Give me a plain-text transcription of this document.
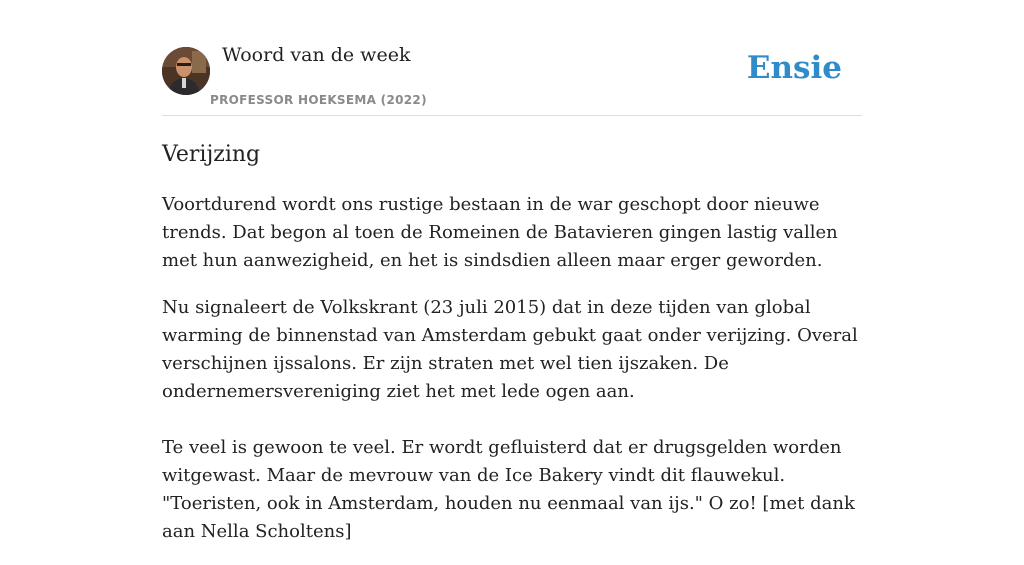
Woord van de week
PROFESSOR HOEKSEMA (2022)
Ensie
Verijzing

Voortdurend wordt ons rustige bestaan in de war geschopt door nieuwe trends. Dat begon al toen de Romeinen de Batavieren gingen lastig vallen met hun aanwezigheid, en het is sindsdien alleen maar erger geworden.

Nu signaleert de Volkskrant (23 juli 2015) dat in deze tijden van global warming de binnenstad van Amsterdam gebukt gaat onder verijzing. Overal verschijnen ijssalons. Er zijn straten met wel tien ijszaken. De ondernemersvereniging ziet het met lede ogen aan.

Te veel is gewoon te veel. Er wordt gefluisterd dat er drugsgelden worden witgewast. Maar de mevrouw van de Ice Bakery vindt dit flauwekul. "Toeristen, ook in Amsterdam, houden nu eenmaal van ijs." O zo! [met dank aan Nella Scholtens]
